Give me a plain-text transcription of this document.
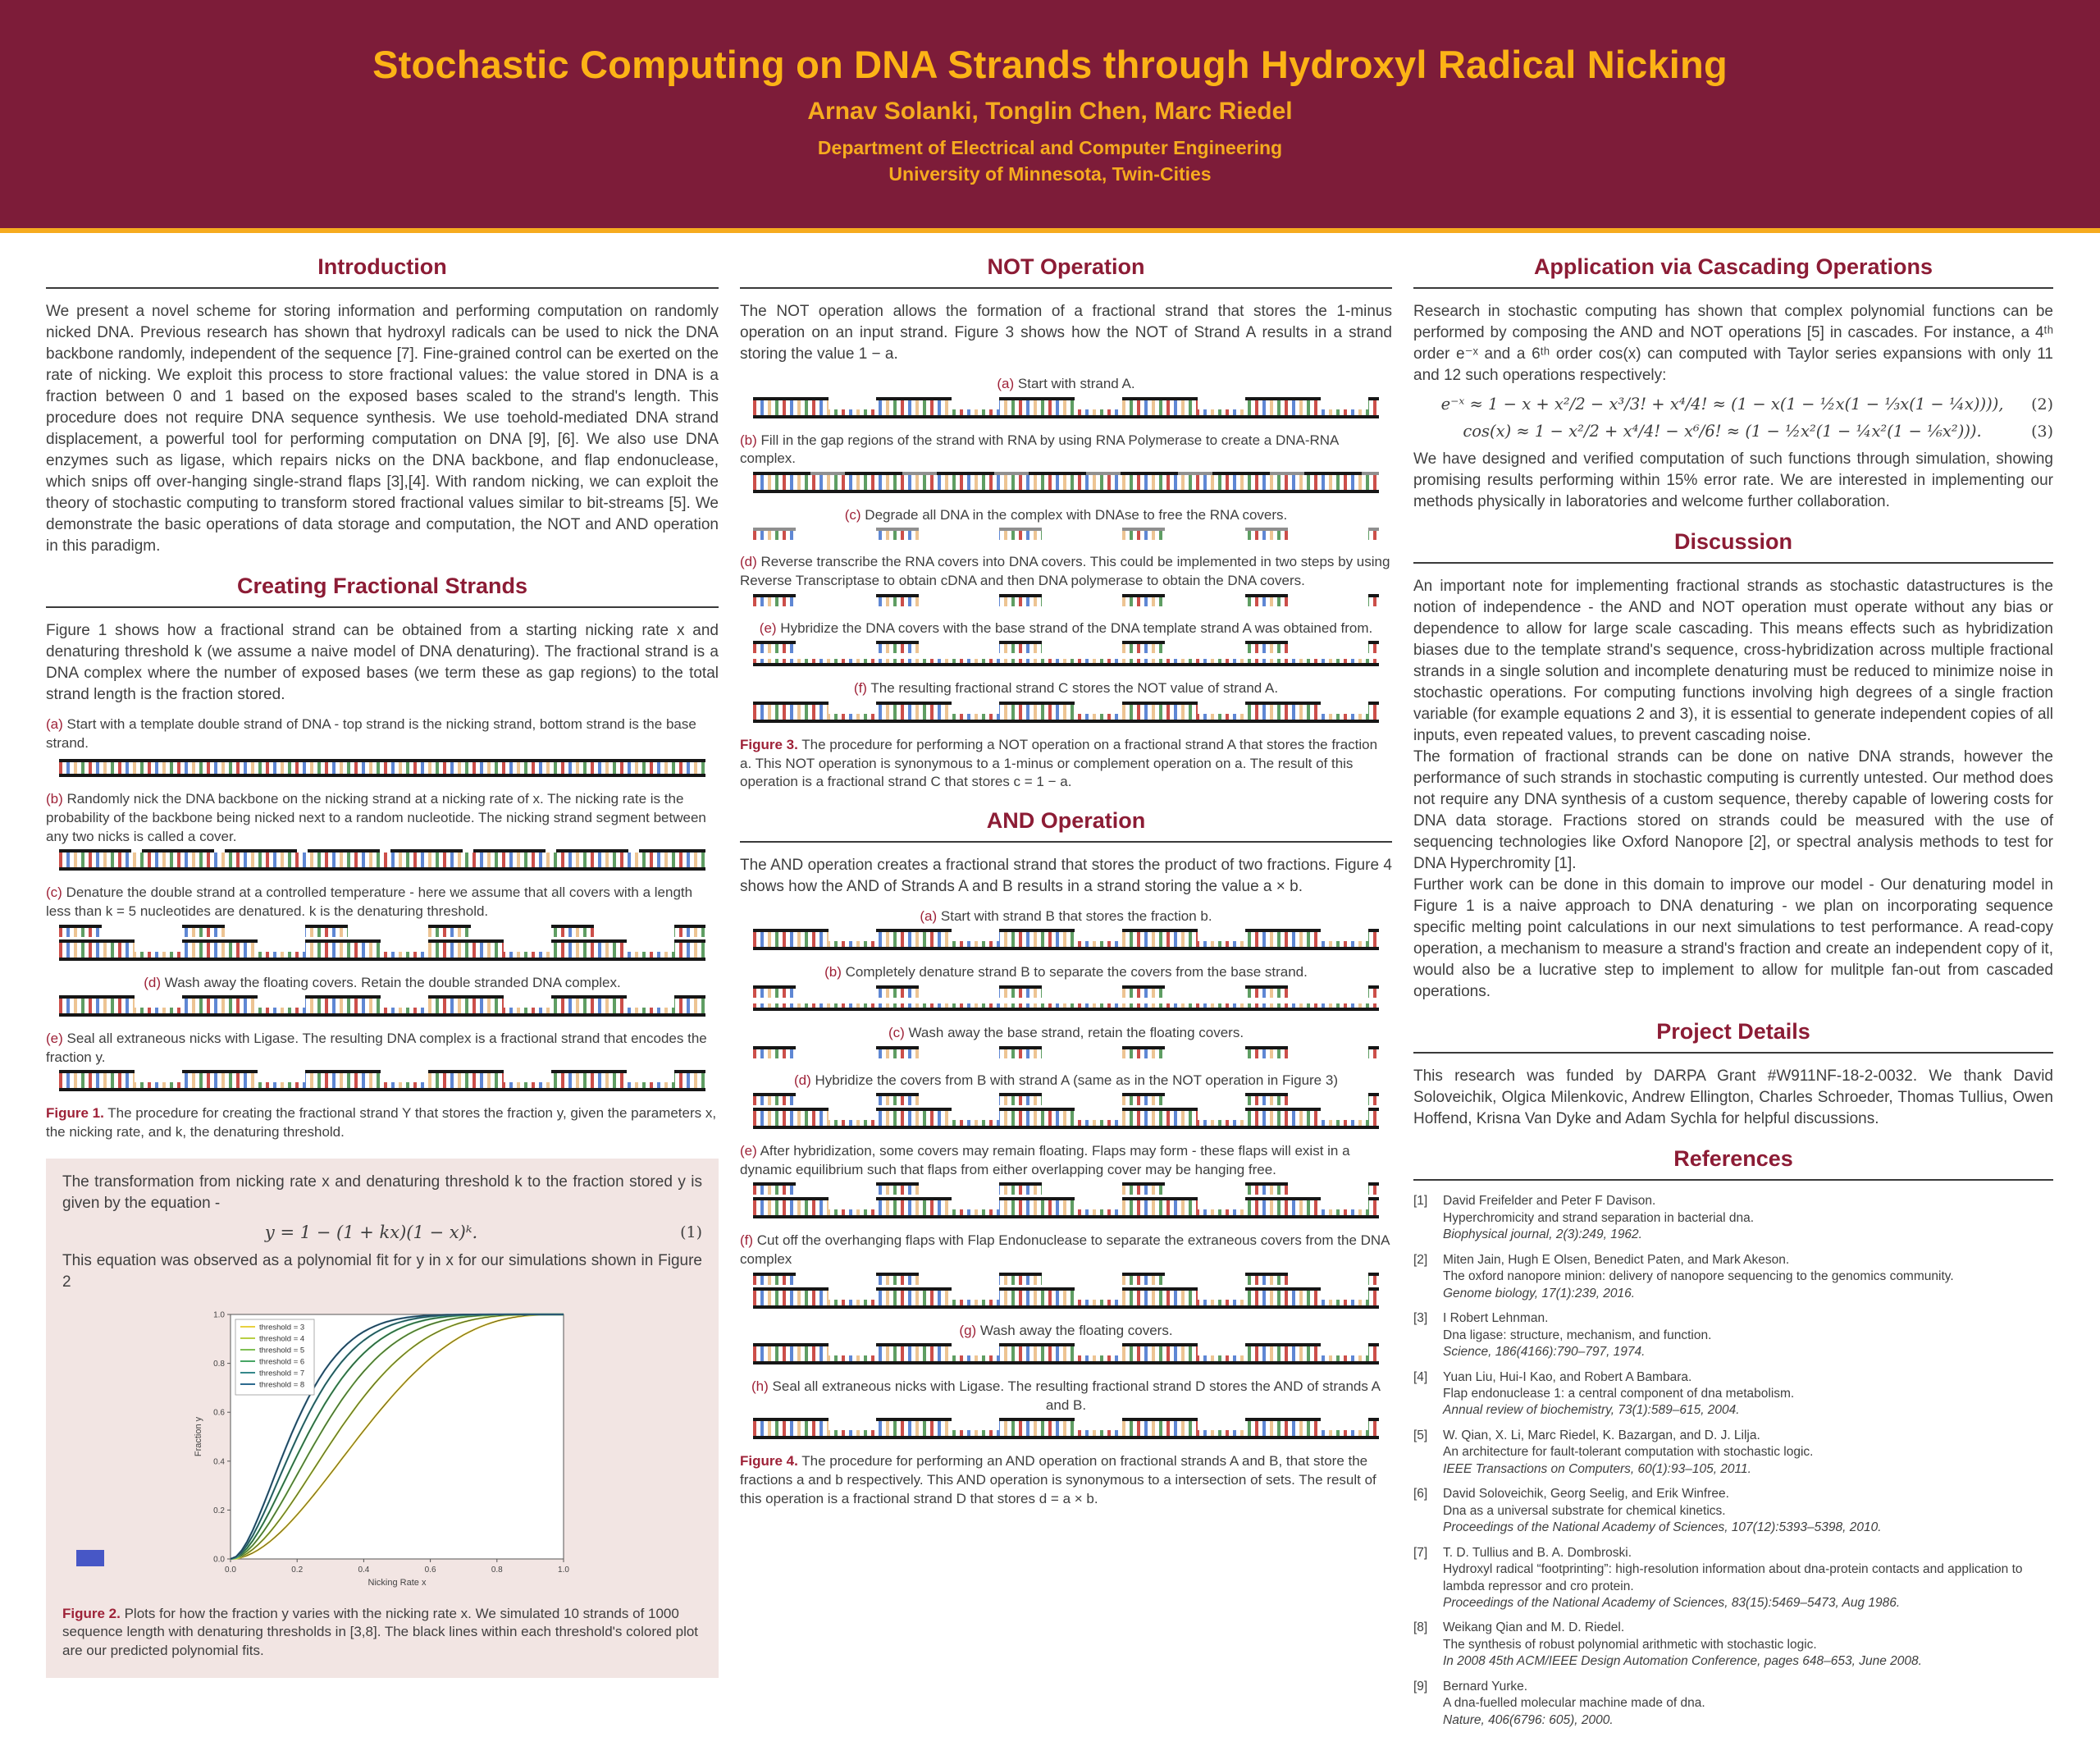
Stochastic Computing on DNA Strands through Hydroxyl Radical Nicking
Arnav Solanki, Tonglin Chen, Marc Riedel
Department of Electrical and Computer Engineering
University of Minnesota, Twin-Cities
Introduction

We present a novel scheme for storing information and performing computation on randomly nicked DNA. Previous research has shown that hydroxyl radicals can be used to nick the DNA backbone randomly, independent of the sequence [7]. Fine-grained control can be exerted on the rate of nicking. We exploit this process to store fractional values: the value stored in DNA is a fraction between 0 and 1 based on the exposed bases scaled to the strand's length. This procedure does not require DNA sequence synthesis. We use toehold-mediated DNA strand displacement, a powerful tool for performing computation on DNA [9], [6]. We also use DNA enzymes such as ligase, which repairs nicks on the DNA backbone, and flap endonuclease, which snips off over-hanging single-strand flaps [3],[4]. With random nicking, we can exploit the theory of stochastic computing to transform stored fractional values similar to bit-streams [5]. We demonstrate the basic operations of data storage and computation, the NOT and AND operation in this paradigm.

Creating Fractional Strands

Figure 1 shows how a fractional strand can be obtained from a starting nicking rate x and denaturing threshold k (we assume a naive model of DNA denaturing). The fractional strand is a DNA complex where the number of exposed bases (we term these as gap regions) to the total strand length is the fraction stored.

(a) Start with a template double strand of DNA - top strand is the nicking strand, bottom strand is the base strand.

(b) Randomly nick the DNA backbone on the nicking strand at a nicking rate of x. The nicking rate is the probability of the backbone being nicked next to a random nucleotide. The nicking strand segment between any two nicks is called a cover.

(c) Denature the double strand at a controlled temperature - here we assume that all covers with a length less than k = 5 nucleotides are denatured. k is the denaturing threshold.

(d) Wash away the floating covers. Retain the double stranded DNA complex.

(e) Seal all extraneous nicks with Ligase. The resulting DNA complex is a fractional strand that encodes the fraction y.

Figure 1. The procedure for creating the fractional strand Y that stores the fraction y, given the parameters x, the nicking rate, and k, the denaturing threshold.

The transformation from nicking rate x and denaturing threshold k to the fraction stored y is given by the equation -

y = 1 − (1 + kx)(1 − x)ᵏ.	(1)

This equation was observed as a polynomial fit for y in x for our simulations shown in Figure 2

0.0	0.2	0.4	0.6	0.8	1.0
0.0
0.2
0.4
0.6
0.8
1.0
Nicking Rate x
Fraction y
threshold = 3
threshold = 4
threshold = 5
threshold = 6
threshold = 7
threshold = 8

Figure 2. Plots for how the fraction y varies with the nicking rate x. We simulated 10 strands of 1000 sequence length with denaturing thresholds in [3,8]. The black lines within each threshold's colored plot are our predicted polynomial fits.

NOT Operation

The NOT operation allows the formation of a fractional strand that stores the 1-minus operation on an input strand. Figure 3 shows how the NOT of Strand A results in a strand storing the value 1 − a.

(a) Start with strand A.

(b) Fill in the gap regions of the strand with RNA by using RNA Polymerase to create a DNA-RNA complex.

(c) Degrade all DNA in the complex with DNAse to free the RNA covers.

(d) Reverse transcribe the RNA covers into DNA covers. This could be implemented in two steps by using Reverse Transcriptase to obtain cDNA and then DNA polymerase to obtain the DNA covers.

(e) Hybridize the DNA covers with the base strand of the DNA template strand A was obtained from.

(f) The resulting fractional strand C stores the NOT value of strand A.

Figure 3. The procedure for performing a NOT operation on a fractional strand A that stores the fraction a. This NOT operation is synonymous to a 1-minus or complement operation on a. The result of this operation is a fractional strand C that stores c = 1 − a.

AND Operation

The AND operation creates a fractional strand that stores the product of two fractions. Figure 4 shows how the AND of Strands A and B results in a strand storing the value a × b.

(a) Start with strand B that stores the fraction b.

(b) Completely denature strand B to separate the covers from the base strand.

(c) Wash away the base strand, retain the floating covers.

(d) Hybridize the covers from B with strand A (same as in the NOT operation in Figure 3)

(e) After hybridization, some covers may remain floating. Flaps may form - these flaps will exist in a dynamic equilibrium such that flaps from either overlapping cover may be hanging free.

(f) Cut off the overhanging flaps with Flap Endonuclease to separate the extraneous covers from the DNA complex

(g) Wash away the floating covers.

(h) Seal all extraneous nicks with Ligase. The resulting fractional strand D stores the AND of strands A and B.

Figure 4. The procedure for performing an AND operation on fractional strands A and B, that store the fractions a and b respectively. This AND operation is synonymous to a intersection of sets. The result of this operation is a fractional strand D that stores d = a × b.

Application via Cascading Operations

Research in stochastic computing has shown that complex polynomial functions can be performed by composing the AND and NOT operations [5] in cascades. For instance, a 4ᵗʰ order e⁻ˣ and a 6ᵗʰ order cos(x) can computed with Taylor series expansions with only 11 and 12 such operations respectively:

e⁻ˣ ≈ 1 − x + x²/2 − x³/3! + x⁴/4! ≈ (1 − x(1 − ½x(1 − ⅓x(1 − ¼x)))),	(2)
cos(x) ≈ 1 − x²/2 + x⁴/4! − x⁶/6! ≈ (1 − ½x²(1 − ¼x²(1 − ⅙x²))).	(3)

We have designed and verified computation of such functions through simulation, showing promising results performing within 15% error rate. We are interested in implementing our methods physically in laboratories and welcome further collaboration.

Discussion

An important note for implementing fractional strands as stochastic datastructures is the notion of independence - the AND and NOT operation must operate without any bias or dependence to allow for large scale cascading. This means effects such as hybridization biases due to the template strand's sequence, cross-hybridization across multiple fractional strands in a single solution and incomplete denaturing must be reduced to minimize noise in stochastic operations. For computing functions involving high degrees of a single fraction variable (for example equations 2 and 3), it is essential to generate independent copies of all inputs, even repeated values, to prevent cascading noise.

The formation of fractional strands can be done on native DNA strands, however the performance of such strands in stochastic computing is currently untested. Our method does not require any DNA synthesis of a custom sequence, thereby capable of lowering costs for DNA data storage. Fractions stored on strands could be measured with the use of sequencing technologies like Oxford Nanopore [2], or spectral analysis methods to test for DNA Hyperchromity [1].

Further work can be done in this domain to improve our model - Our denaturing model in Figure 1 is a naive approach to DNA denaturing - we plan on incorporating sequence specific melting point calculations in our next simulations to test performance. A read-copy operation, a mechanism to measure a strand's fraction and create an independent copy of it, would also be a lucrative step to implement to allow for mulitple fan-out from cascaded operations.

Project Details

This research was funded by DARPA Grant #W911NF-18-2-0032. We thank David Soloveichik, Olgica Milenkovic, Andrew Ellington, Charles Schroeder, Thomas Tullius, Owen Hoffend, Krisna Van Dyke and Adam Sychla for helpful discussions.

References
[1]	David Freifelder and Peter F Davison.
Hyperchromicity and strand separation in bacterial dna.
Biophysical journal, 2(3):249, 1962.
[2]	Miten Jain, Hugh E Olsen, Benedict Paten, and Mark Akeson.
The oxford nanopore minion: delivery of nanopore sequencing to the genomics community.
Genome biology, 17(1):239, 2016.
[3]	I Robert Lehnman.
Dna ligase: structure, mechanism, and function.
Science, 186(4166):790–797, 1974.
[4]	Yuan Liu, Hui-I Kao, and Robert A Bambara.
Flap endonuclease 1: a central component of dna metabolism.
Annual review of biochemistry, 73(1):589–615, 2004.
[5]	W. Qian, X. Li, Marc Riedel, K. Bazargan, and D. J. Lilja.
An architecture for fault-tolerant computation with stochastic logic.
IEEE Transactions on Computers, 60(1):93–105, 2011.
[6]	David Soloveichik, Georg Seelig, and Erik Winfree.
Dna as a universal substrate for chemical kinetics.
Proceedings of the National Academy of Sciences, 107(12):5393–5398, 2010.
[7]	T. D. Tullius and B. A. Dombroski.
Hydroxyl radical “footprinting”: high-resolution information about dna-protein contacts and application to lambda repressor and cro protein.
Proceedings of the National Academy of Sciences, 83(15):5469–5473, Aug 1986.
[8]	Weikang Qian and M. D. Riedel.
The synthesis of robust polynomial arithmetic with stochastic logic.
In 2008 45th ACM/IEEE Design Automation Conference, pages 648–653, June 2008.
[9]	Bernard Yurke.
A dna-fuelled molecular machine made of dna.
Nature, 406(6796: 605), 2000.
